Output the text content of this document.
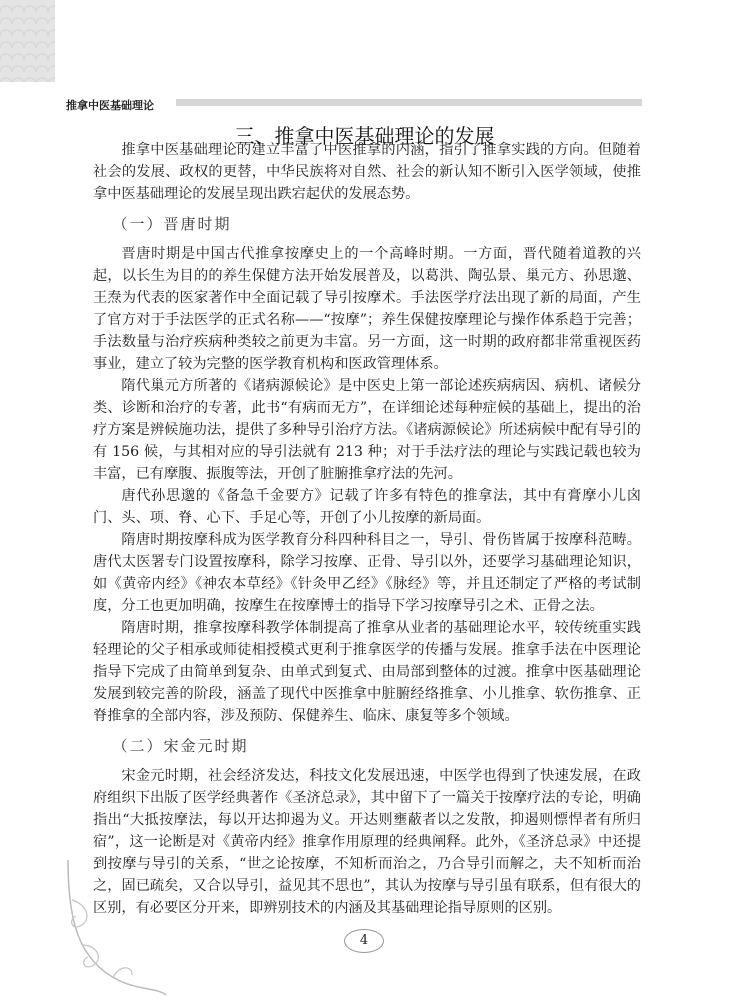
推拿中医基础理论
三、推拿中医基础理论的发展

推拿中医基础理论的建立丰富了中医推拿的内涵，指引了推拿实践的方向。但随着社会的发展、政权的更替，中华民族将对自然、社会的新认知不断引入医学领域，使推拿中医基础理论的发展呈现出跌宕起伏的发展态势。

（一）晋唐时期

晋唐时期是中国古代推拿按摩史上的一个高峰时期。一方面，晋代随着道教的兴起，以长生为目的的养生保健方法开始发展普及，以葛洪、陶弘景、巢元方、孙思邈、王焘为代表的医家著作中全面记载了导引按摩术。手法医学疗法出现了新的局面，产生了官方对于手法医学的正式名称——“按摩”；养生保健按摩理论与操作体系趋于完善；手法数量与治疗疾病种类较之前更为丰富。另一方面，这一时期的政府都非常重视医药事业，建立了较为完整的医学教育机构和医政管理体系。

隋代巢元方所著的《诸病源候论》是中医史上第一部论述疾病病因、病机、诸候分类、诊断和治疗的专著，此书“有病而无方”，在详细论述每种症候的基础上，提出的治疗方案是辨候施功法，提供了多种导引治疗方法。《诸病源候论》所述病候中配有导引的有 156 候，与其相对应的导引法就有 213 种；对于手法疗法的理论与实践记载也较为丰富，已有摩腹、振腹等法，开创了脏腑推拿疗法的先河。

唐代孙思邈的《备急千金要方》记载了许多有特色的推拿法，其中有膏摩小儿囟门、头、项、脊、心下、手足心等，开创了小儿按摩的新局面。

隋唐时期按摩科成为医学教育分科四种科目之一，导引、骨伤皆属于按摩科范畴。唐代太医署专门设置按摩科，除学习按摩、正骨、导引以外，还要学习基础理论知识，如《黄帝内经》《神农本草经》《针灸甲乙经》《脉经》等，并且还制定了严格的考试制度，分工也更加明确，按摩生在按摩博士的指导下学习按摩导引之术、正骨之法。

隋唐时期，推拿按摩科教学体制提高了推拿从业者的基础理论水平，较传统重实践轻理论的父子相承或师徒相授模式更利于推拿医学的传播与发展。推拿手法在中医理论指导下完成了由简单到复杂、由单式到复式、由局部到整体的过渡。推拿中医基础理论发展到较完善的阶段，涵盖了现代中医推拿中脏腑经络推拿、小儿推拿、软伤推拿、正脊推拿的全部内容，涉及预防、保健养生、临床、康复等多个领域。

（二）宋金元时期

宋金元时期，社会经济发达，科技文化发展迅速，中医学也得到了快速发展，在政府组织下出版了医学经典著作《圣济总录》，其中留下了一篇关于按摩疗法的专论，明确指出“大抵按摩法，每以开达抑遏为义。开达则壅蔽者以之发散，抑遏则慓悍者有所归宿”，这一论断是对《黄帝内经》推拿作用原理的经典阐释。此外，《圣济总录》中还提到按摩与导引的关系，“世之论按摩，不知析而治之，乃合导引而解之，夫不知析而治之，固已疏矣，又合以导引，益见其不思也”，其认为按摩与导引虽有联系，但有很大的区别，有必要区分开来，即辨别技术的内涵及其基础理论指导原则的区别。

4
